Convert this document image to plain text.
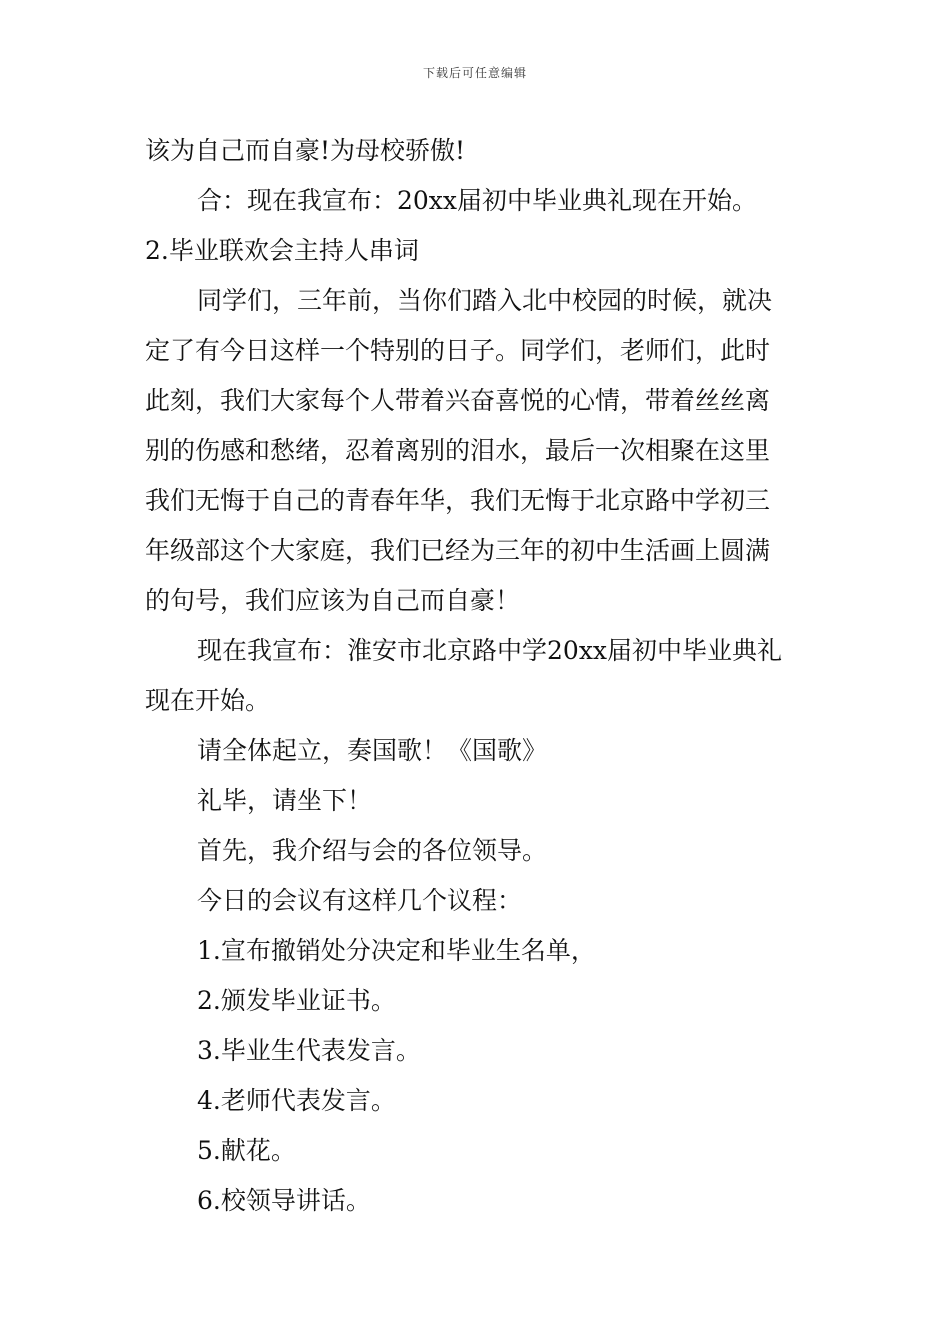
下载后可任意编辑
该为自己而自豪!为母校骄傲!
合：现在我宣布：20xx届初中毕业典礼现在开始。
2.毕业联欢会主持人串词
同学们，三年前，当你们踏入北中校园的时候，就决
定了有今日这样一个特别的日子。同学们，老师们，此时
此刻，我们大家每个人带着兴奋喜悦的心情，带着丝丝离
别的伤感和愁绪，忍着离别的泪水，最后一次相聚在这里
我们无悔于自己的青春年华，我们无悔于北京路中学初三
年级部这个大家庭，我们已经为三年的初中生活画上圆满
的句号，我们应该为自己而自豪！
现在我宣布：淮安市北京路中学20xx届初中毕业典礼
现在开始。
请全体起立，奏国歌！《国歌》
礼毕，请坐下！
首先，我介绍与会的各位领导。
今日的会议有这样几个议程：
1.宣布撤销处分决定和毕业生名单，
2.颁发毕业证书。
3.毕业生代表发言。
4.老师代表发言。
5.献花。
6.校领导讲话。
